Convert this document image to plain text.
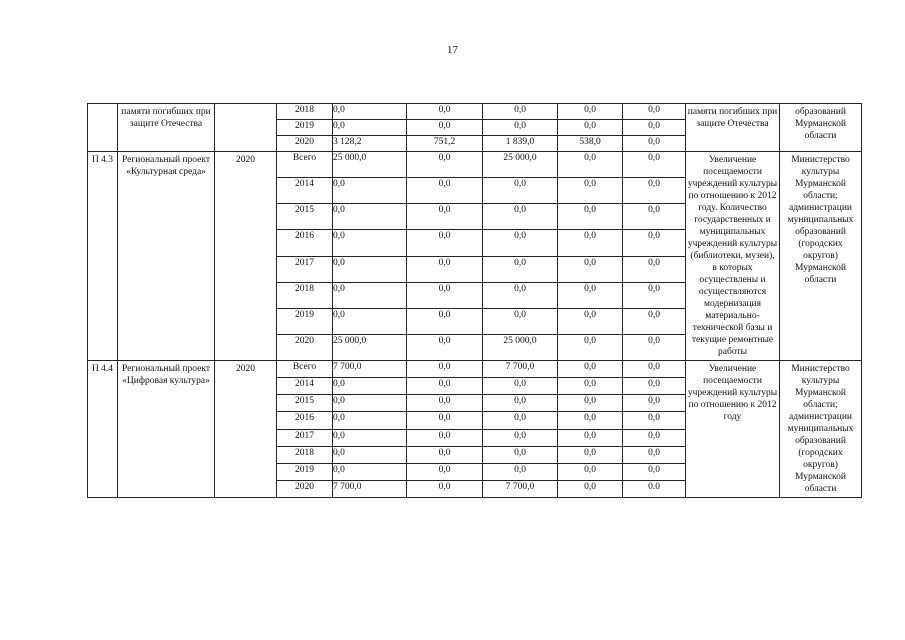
17

	памяти погибших при защите Отечества		2018	0,0	0,0	0,0	0,0	0,0	памяти погибших при защите Отечества	образований Мурманской области

			2019	0,0	0,0	0,0	0,0	0,0		
			2020	3 128,2	751,2	1 839,0	538,0	0,0		

П 4.3	Региональный проект «Культурная среда»	2020	Всего	25 000,0	0,0	25 000,0	0,0	0,0	Увеличение посещаемости учреждений культуры по отношению к 2012 году. Количество государственных и муниципальных учреждений культуры (библиотеки, музеи), в которых осуществлены и осуществляются модернизация материально-технической базы и текущие ремонтные работы	Министерство культуры Мурманской области; администрации муниципальных образований (городских округов) Мурманской области

			2014	0,0	0,0	0,0	0,0	0,0		
			2015	0,0	0,0	0,0	0,0	0,0		
			2016	0,0	0,0	0,0	0,0	0,0		
			2017	0,0	0,0	0,0	0,0	0,0		
			2018	0,0	0,0	0,0	0,0	0,0		
			2019	0,0	0,0	0,0	0,0	0,0		
			2020	25 000,0	0,0	25 000,0	0,0	0,0		

П 4.4	Региональный проект «Цифровая культура»	2020	Всего	7 700,0	0,0	7 700,0	0,0	0,0	Увеличение посещаемости учреждений культуры по отношению к 2012 году	Министерство культуры Мурманской области; администрации муниципальных образований (городских округов) Мурманской области

			2014	0,0	0,0	0,0	0,0	0,0		
			2015	0,0	0,0	0,0	0,0	0,0		
			2016	0,0	0,0	0,0	0,0	0,0		
			2017	0,0	0,0	0,0	0,0	0,0		
			2018	0,0	0,0	0,0	0,0	0,0		
			2019	0,0	0,0	0,0	0,0	0,0		
			2020	7 700,0	0,0	7 700,0	0,0	0.0		
